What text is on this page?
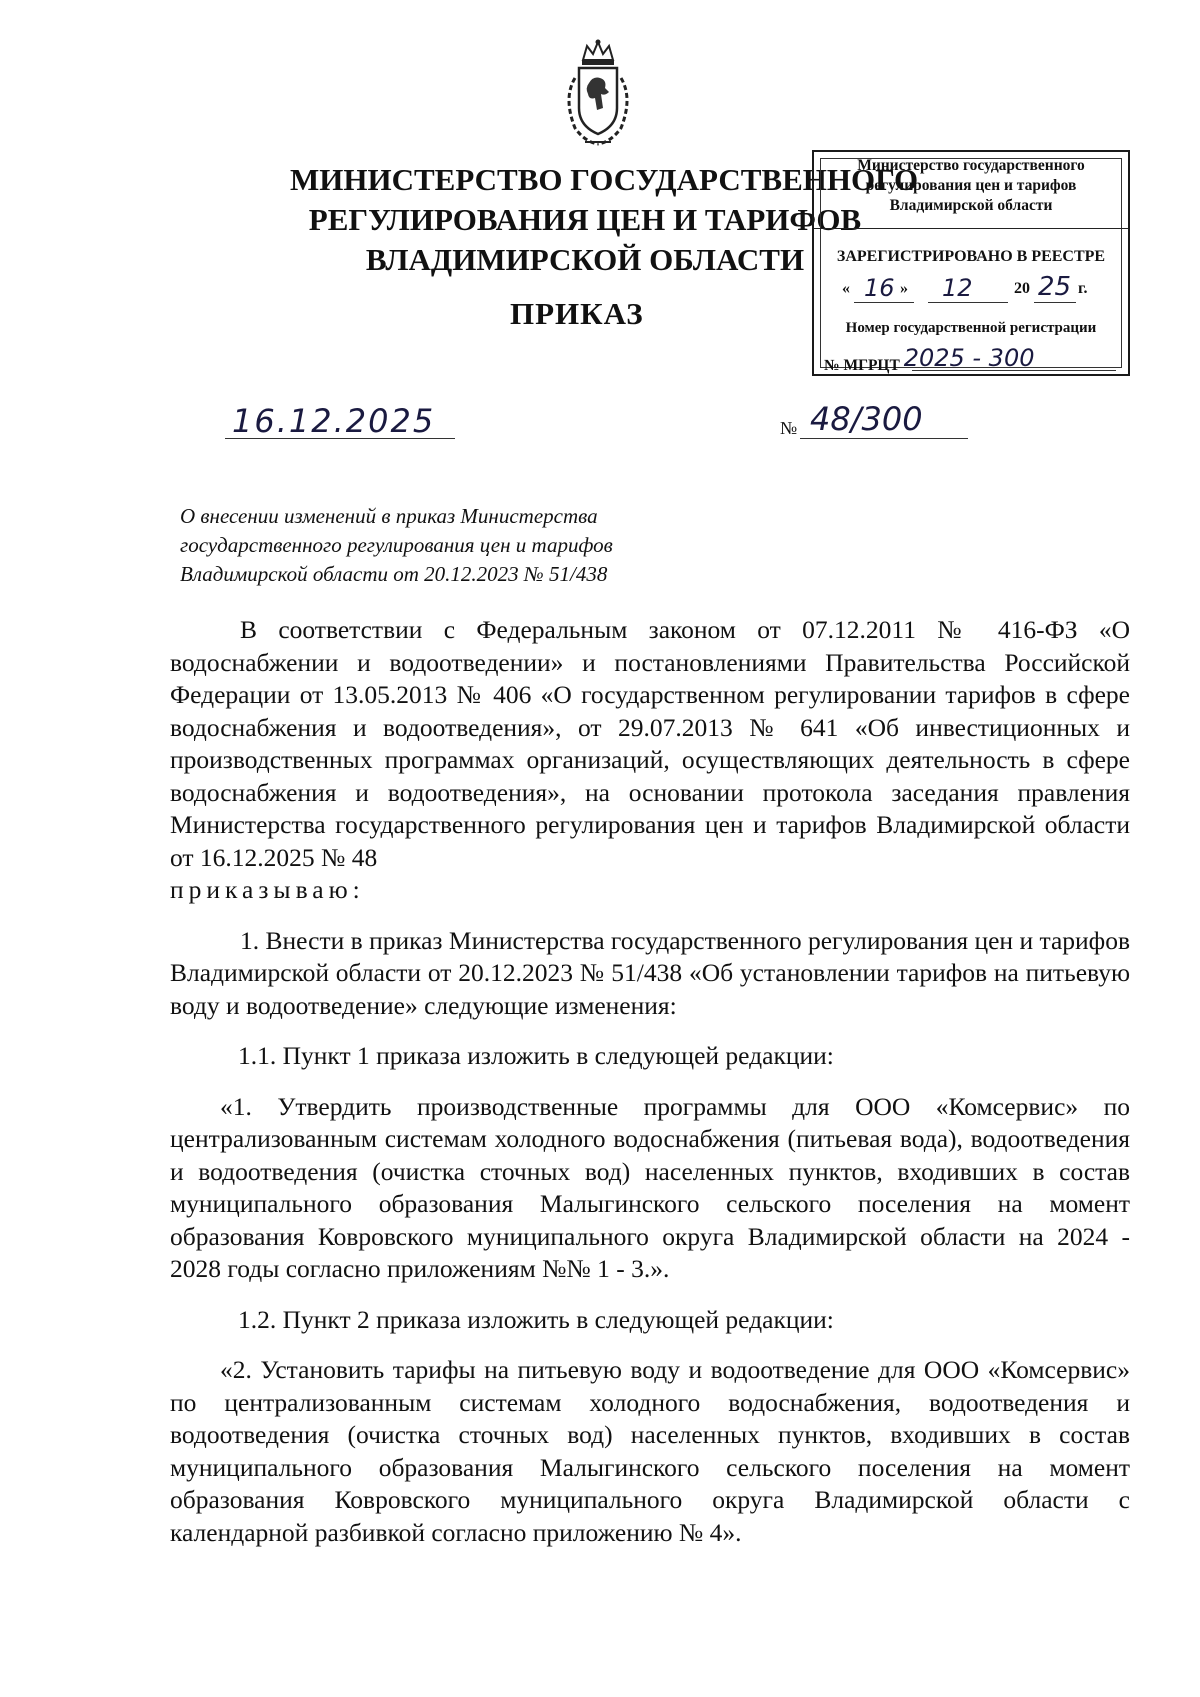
МИНИСТЕРСТВО ГОСУДАРСТВЕННОГО
РЕГУЛИРОВАНИЯ ЦЕН И ТАРИФОВ
ВЛАДИМИРСКОЙ ОБЛАСТИ
ПРИКАЗ
Министерство государственного
регулирования цен и тарифов
Владимирской области
ЗАРЕГИСТРИРОВАНО В РЕЕСТРЕ
« 16 » 12	20 25 г.
Номер государственной регистрации
№ МГРЦТ 2025 - 300
16.12.2025	№ 48/300
О внесении изменений в приказ Министерства
государственного регулирования цен и тарифов
Владимирской области от 20.12.2023 № 51/438

В соответствии с Федеральным законом от 07.12.2011 № 416-ФЗ «О водоснабжении и водоотведении» и постановлениями Правительства Российской Федерации от 13.05.2013 № 406 «О государственном регулировании тарифов в сфере водоснабжения и водоотведения», от 29.07.2013 № 641 «Об инвестиционных и производственных программах организаций, осуществляющих деятельность в сфере водоснабжения и водоотведения», на основании протокола заседания правления Министерства государственного регулирования цен и тарифов Владимирской области от 16.12.2025 № 48
приказываю:

1. Внести в приказ Министерства государственного регулирования цен и тарифов Владимирской области от 20.12.2023 № 51/438 «Об установлении тарифов на питьевую воду и водоотведение» следующие изменения:

1.1. Пункт 1 приказа изложить в следующей редакции:

«1. Утвердить производственные программы для ООО «Комсервис» по централизованным системам холодного водоснабжения (питьевая вода), водоотведения и водоотведения (очистка сточных вод) населенных пунктов, входивших в состав муниципального образования Малыгинского сельского поселения на момент образования Ковровского муниципального округа Владимирской области на 2024 - 2028 годы согласно приложениям №№ 1 - 3.».

1.2. Пункт 2 приказа изложить в следующей редакции:

«2. Установить тарифы на питьевую воду и водоотведение для ООО «Комсервис» по централизованным системам холодного водоснабжения, водоотведения и водоотведения (очистка сточных вод) населенных пунктов, входивших в состав муниципального образования Малыгинского сельского поселения на момент образования Ковровского муниципального округа Владимирской области с календарной разбивкой согласно приложению № 4».
